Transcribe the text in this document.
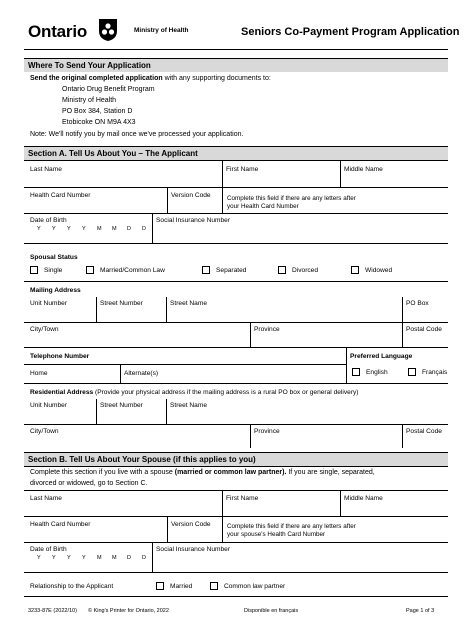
Ontario	Ministry of Health	Seniors Co-Payment Program Application
Where To Send Your Application
Send the original completed application with any supporting documents to:
Ontario Drug Benefit Program
Ministry of Health
PO Box 384, Station D
Etobicoke ON M9A 4X3
Note: We'll notify you by mail once we've processed your application.
Section A. Tell Us About You – The Applicant
Last Name	First Name	Middle Name
Health Card Number	Version Code	Complete this field if there are any letters after
your Health Card Number
Date of Birth
Y Y Y Y M M D D
Social Insurance Number
Spousal Status
Single	Married/Common Law	Separated	Divorced	Widowed
Mailing Address
Unit Number	Street Number	Street Name	PO Box
City/Town	Province	Postal Code
Telephone Number
Home	Alternate(s)
Preferred Language
English	Français
Residential Address (Provide your physical address if the mailing address is a rural PO box or general delivery)
Unit Number	Street Number	Street Name
City/Town	Province	Postal Code
Section B. Tell Us About Your Spouse (if this applies to you)
Complete this section if you live with a spouse (married or common law partner). If you are single, separated,
divorced or widowed, go to Section C.
Last Name	First Name	Middle Name
Health Card Number	Version Code	Complete this field if there are any letters after
your spouse's Health Card Number
Date of Birth
Y Y Y Y M M D D
Social Insurance Number
Relationship to the Applicant	Married	Common law partner
3233-87E (2022/10) © King's Printer for Ontario, 2022	Disponible en français	Page 1 of 3
